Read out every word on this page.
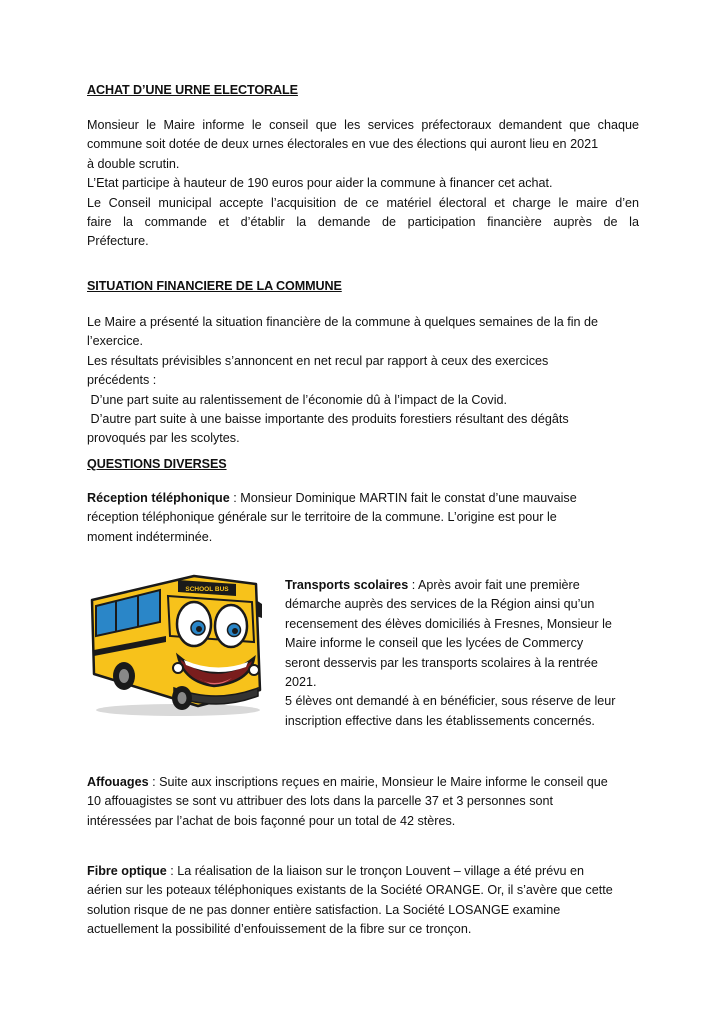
ACHAT D’UNE URNE ELECTORALE
Monsieur le Maire informe le conseil que les services préfectoraux demandent que chaque
commune soit dotée de deux urnes électorales en vue des élections qui auront lieu en 2021
à double scrutin.
L’Etat participe à hauteur de 190 euros pour aider la commune à financer cet achat.
Le Conseil municipal accepte l’acquisition de ce matériel électoral et charge le maire d’en
faire la commande et d’établir la demande de participation financière auprès de la
Préfecture.
SITUATION FINANCIERE DE LA COMMUNE
Le Maire a présenté la situation financière de la commune à quelques semaines de la fin de
l’exercice.
Les résultats prévisibles s’annoncent en net recul par rapport à ceux des exercices
précédents :
D’une part suite au ralentissement de l’économie dû à l’impact de la Covid.
D’autre part suite à une baisse importante des produits forestiers résultant des dégâts
provoqués par les scolytes.
QUESTIONS DIVERSES
Réception téléphonique : Monsieur Dominique MARTIN fait le constat d’une mauvaise
réception téléphonique générale sur le territoire de la commune. L’origine est pour le
moment indéterminée.
SCHOOL BUS	Transports scolaires : Après avoir fait une première
démarche auprès des services de la Région ainsi qu’un
recensement des élèves domiciliés à Fresnes, Monsieur le
Maire informe le conseil que les lycées de Commercy
seront desservis par les transports scolaires à la rentrée
2021.
5 élèves ont demandé à en bénéficier, sous réserve de leur
inscription effective dans les établissements concernés.
Affouages : Suite aux inscriptions reçues en mairie, Monsieur le Maire informe le conseil que
10 affouagistes se sont vu attribuer des lots dans la parcelle 37 et 3 personnes sont
intéressées par l’achat de bois façonné pour un total de 42 stères.
Fibre optique : La réalisation de la liaison sur le tronçon Louvent – village a été prévu en
aérien sur les poteaux téléphoniques existants de la Société ORANGE. Or, il s’avère que cette
solution risque de ne pas donner entière satisfaction. La Société LOSANGE examine
actuellement la possibilité d’enfouissement de la fibre sur ce tronçon.
